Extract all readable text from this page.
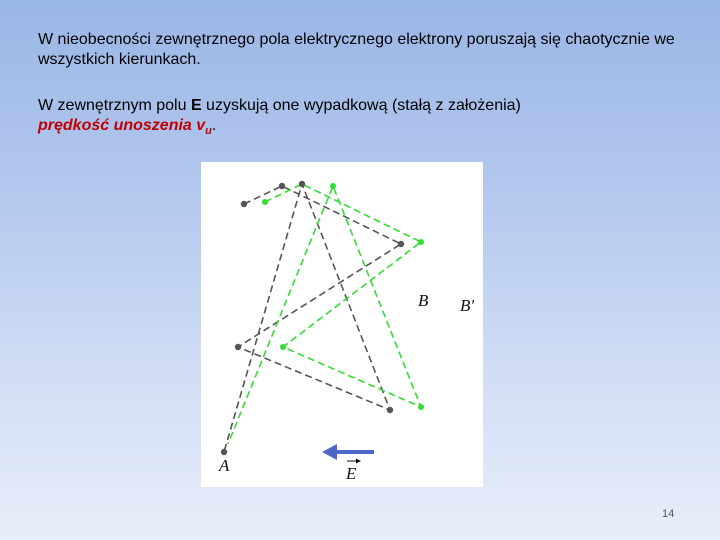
W nieobecności zewnętrznego pola elektrycznego elektrony poruszają się chaotycznie we wszystkich kierunkach.
W zewnętrznym polu E uzyskują one wypadkową (stałą z założenia)
prędkość unoszenia $v_u$.
A
B B'
E
14
